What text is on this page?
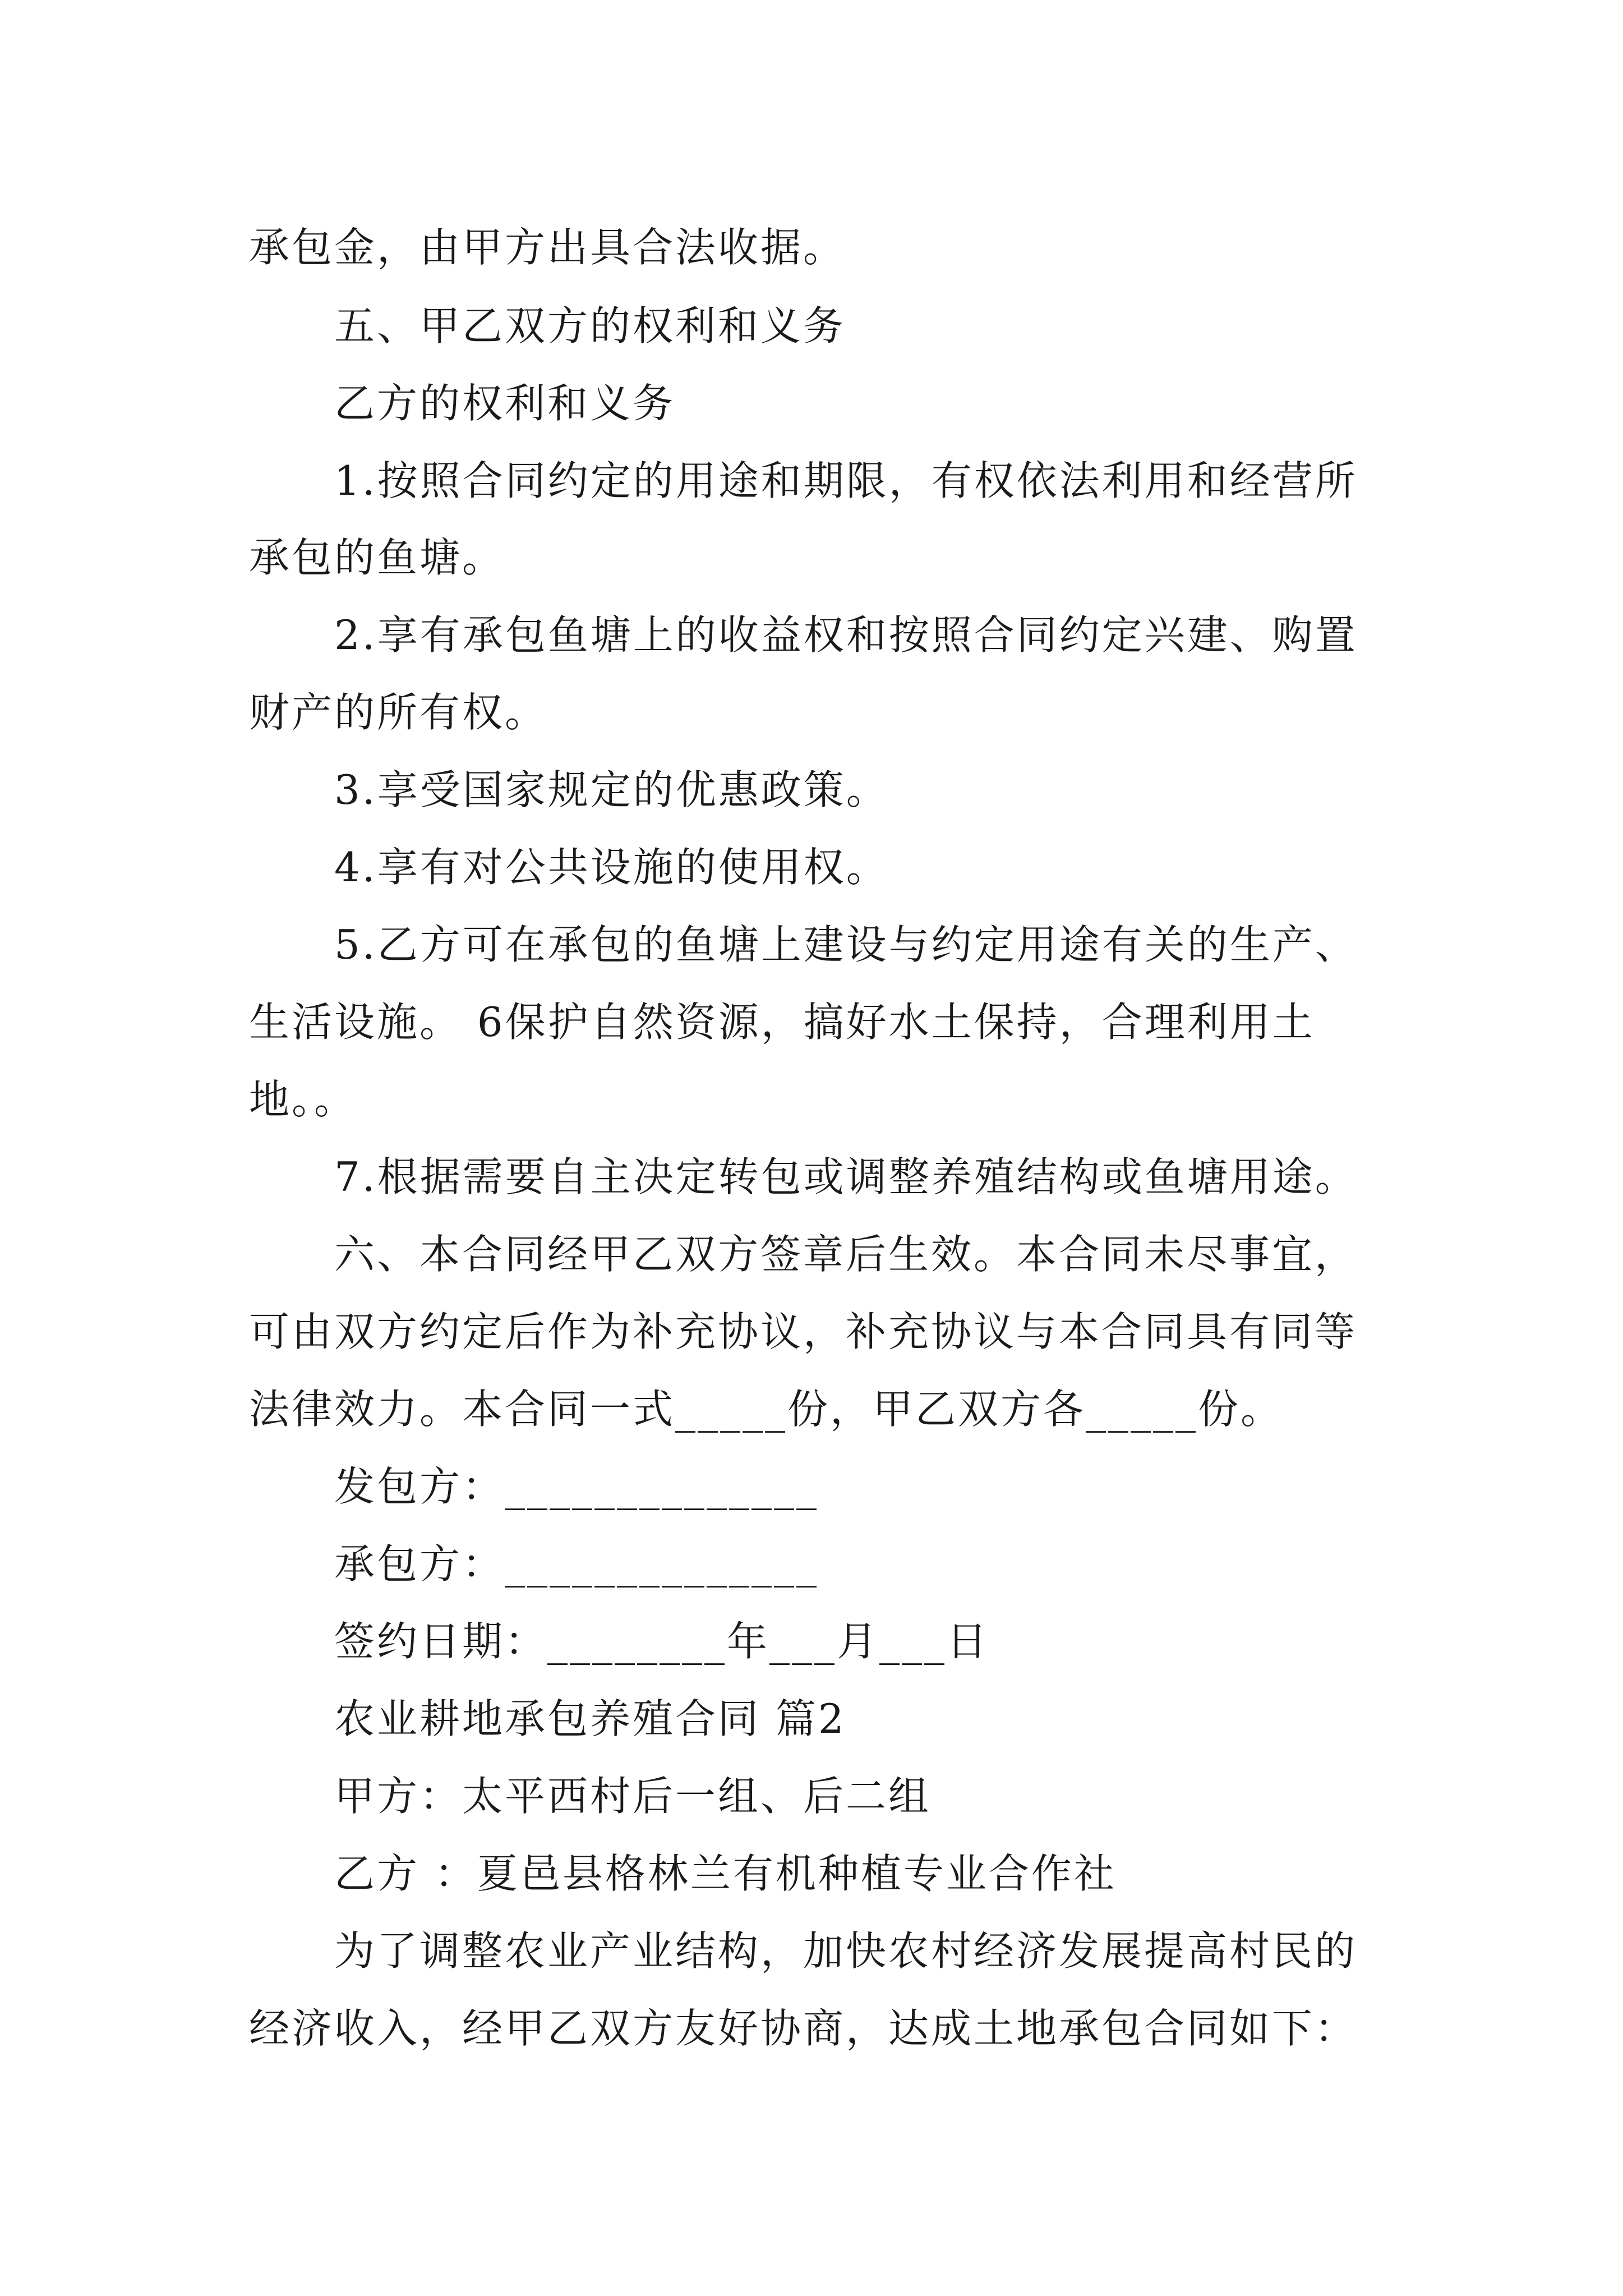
承包金，由甲方出具合法收据。
五、甲乙双方的权利和义务
乙方的权利和义务
1.按照合同约定的用途和期限，有权依法利用和经营所
承包的鱼塘。
2.享有承包鱼塘上的收益权和按照合同约定兴建、购置
财产的所有权。
3.享受国家规定的优惠政策。
4.享有对公共设施的使用权。
5.乙方可在承包的鱼塘上建设与约定用途有关的生产、
生活设施。 6保护自然资源，搞好水土保持，合理利用土
地。。
7.根据需要自主决定转包或调整养殖结构或鱼塘用途。
六、本合同经甲乙双方签章后生效。本合同未尽事宜，
可由双方约定后作为补充协议，补充协议与本合同具有同等
法律效力。本合同一式_____份，甲乙双方各_____份。
发包方：______________
承包方：______________
签约日期：________年___月___日
农业耕地承包养殖合同 篇2
甲方：太平西村后一组、后二组
乙方 ：夏邑县格林兰有机种植专业合作社
为了调整农业产业结构，加快农村经济发展提高村民的
经济收入，经甲乙双方友好协商，达成土地承包合同如下：
